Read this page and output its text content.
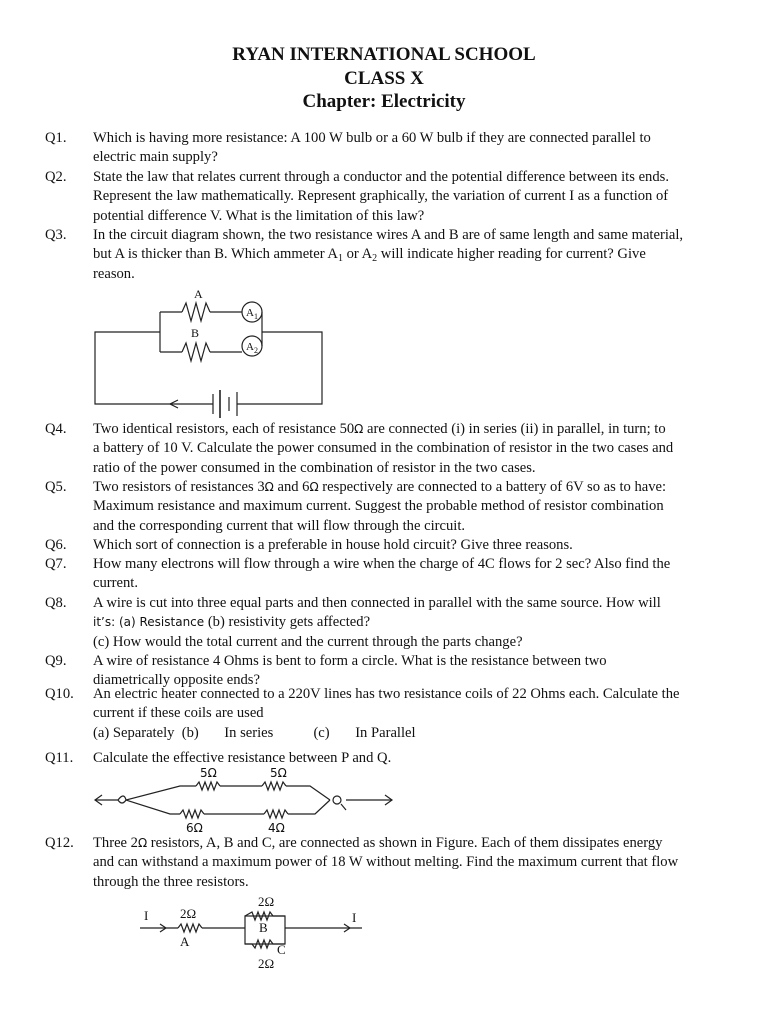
RYAN INTERNATIONAL SCHOOL
CLASS X
Chapter: Electricity
Q1. Which is having more resistance: A 100 W bulb or a 60 W bulb if they are connected parallel to
electric main supply?
Q2. State the law that relates current through a conductor and the potential difference between its ends.
Represent the law mathematically. Represent graphically, the variation of current I as a function of
potential difference V. What is the limitation of this law?
Q3. In the circuit diagram shown, the two resistance wires A and B are of same length and same material,
but A is thicker than B. Which ammeter $A_1$ or $A_2$ will indicate higher reading for current? Give
reason.
A
B
$A_1$
$A_2$
Q4. Two identical resistors, each of resistance 50Ω are connected (i) in series (ii) in parallel, in turn; to
a battery of 10 V. Calculate the power consumed in the combination of resistor in the two cases and
ratio of the power consumed in the combination of resistor in the two cases.
Q5. Two resistors of resistances 3Ω and 6Ω respectively are connected to a battery of 6V so as to have:
Maximum resistance and maximum current. Suggest the probable method of resistor combination
and the corresponding current that will flow through the circuit.
Q6. Which sort of connection is a preferable in house hold circuit? Give three reasons.
Q7. How many electrons will flow through a wire when the charge of 4C flows for 2 sec? Also find the
current.
Q8. A wire is cut into three equal parts and then connected in parallel with the same source. How will
it’s: (a) Resistance (b) resistivity gets affected?
(c) How would the total current and the current through the parts change?
Q9. A wire of resistance 4 Ohms is bent to form a circle. What is the resistance between two
diametrically opposite ends?
Q10. An electric heater connected to a 220V lines has two resistance coils of 22 Ohms each. Calculate the
current if these coils are used
(a) Separately  (b)       In series           (c)       In Parallel
Q11. Calculate the effective resistance between P and Q.
5Ω	5Ω
6Ω	4Ω
Q12. Three 2Ω resistors, A, B and C, are connected as shown in Figure. Each of them dissipates energy
and can withstand a maximum power of 18 W without melting. Find the maximum current that flow
through the three resistors.
I 2Ω
A
2Ω
B
C
2Ω
I
